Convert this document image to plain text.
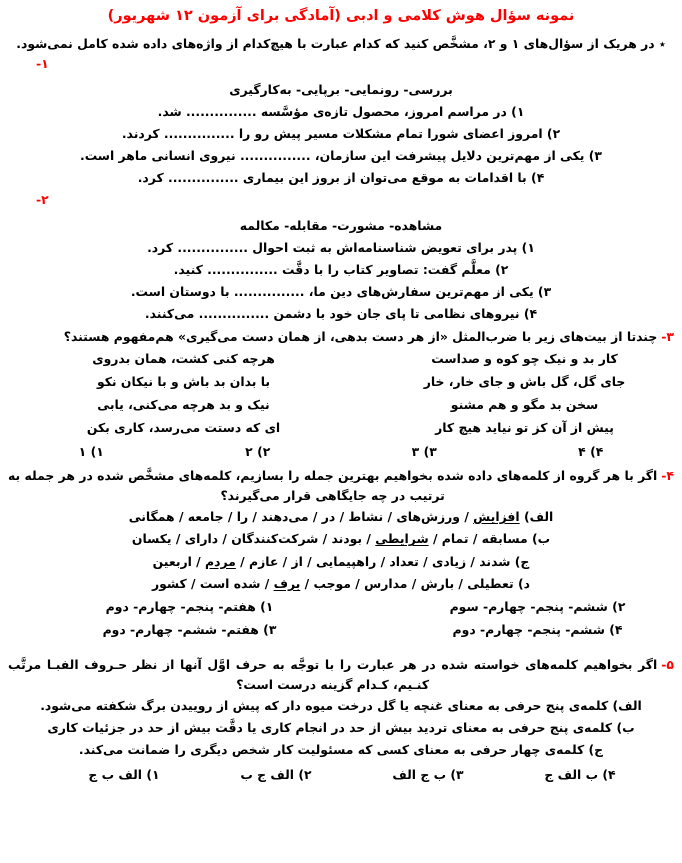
نمونه سؤال هوش کلامی و ادبی (آمادگی برای آزمون ۱۲ شهریور)
٭ در هریک از سؤال‌های ۱ و ۲، مشخَّص کنید که کدام عبارت با هیچ‌کدام از واژه‌های داده شده کامل نمی‌شود.
۱-
بررسی- رونمایی- برپایی- به‌کارگیری
۱) در مراسم امروز، محصول تازه‌ی مؤسَّسه ............... شد.
۲) امروز اعضای شورا تمام مشکلات مسیر پیش رو را ............... کردند.
۳) یکی از مهم‌ترین دلایل پیشرفت این سازمان، ............... نیروی انسانی ماهر است.
۴) با اقدامات به موقع می‌توان از بروز این بیماری ............... کرد.
۲-
مشاهده- مشورت- مقابله- مکالمه
۱) پدر برای تعویض شناسنامه‌اش به ثبت احوال ............... کرد.
۲) معلَّم گفت: تصاویر کتاب را با دقَّت ............... کنید.
۳) یکی از مهم‌ترین سفارش‌های دین ما، ............... با دوستان است.
۴) نیروهای نظامی تا پای جان خود با دشمن ............... می‌کنند.
۳-
چندتا از بیت‌های زیر با ضرب‌المثل «از هر دست بدهی، از همان دست می‌گیری» هم‌مفهوم هستند؟
کار بد و نیک چو کوه و صداست
هرچه کنی کشت، همان بدروی
جای گل، گل باش و جای خار، خار
با بدان بد باش و با نیکان نکو
سخن بد مگو و هم مشنو
نیک و بد هرچه می‌کنی، یابی
پیش از آن کز تو نیاید هیچ کار
ای که دستت می‌رسد، کاری بکن
۴) ۴
۳) ۳
۲) ۲
۱) ۱
۴-
اگر با هر گروه از کلمه‌های داده شده بخواهیم بهترین جمله را بسازیم، کلمه‌های مشخَّص شده در هر جمله به ترتیب در چه جایگاهی قرار می‌گیرند؟
الف) افزایش / ورزش‌های / نشاط / در / می‌دهند / را / جامعه / همگانی
ب) مسابقه / تمام / شرایطی / بودند / شرکت‌کنندگان / دارای / یکسان
ج) شدند / زیادی / تعداد / راهپیمایی / از / عازم / مردم / اربعین
د) تعطیلی / بارش / مدارس / موجب / برف / شده است / کشور
۲) ششم- پنجم- چهارم- سوم
۱) هفتم- پنجم- چهارم- دوم
۴) ششم- پنجم- چهارم- دوم
۳) هفتم- ششم- چهارم- دوم
۵-
اگر بخواهیم کلمه‌های خواسته شده در هر عبارت را با توجَّه به حرف اوَّل آنها از نظر حـروف الفبـا مرتَّب کنـیم، کـدام گزینه درست است؟
الف) کلمه‌ی پنج حرفی به معنای غنچه یا گل درخت میوه دار که پیش از روییدن برگ شکفته می‌شود.
ب) کلمه‌ی پنج حرفی به معنای تردید بیش از حد در انجام کاری یا دقَّت بیش از حد در جزئیات کاری
ج) کلمه‌ی چهار حرفی به معنای کسی که مسئولیت کار شخص دیگری را ضمانت می‌کند.
۴) ب الف ج
۳) ب ج الف
۲) الف ج ب
۱) الف ب ج
